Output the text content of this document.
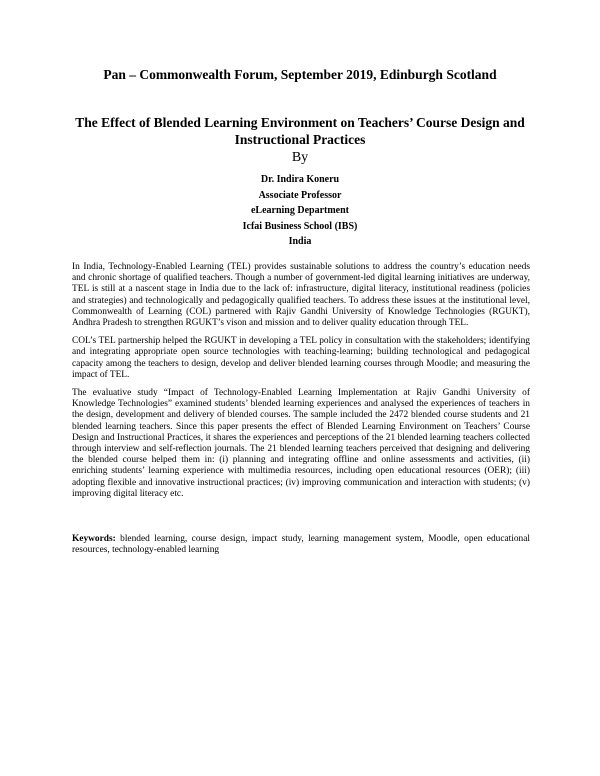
Pan – Commonwealth Forum, September 2019, Edinburgh Scotland
The Effect of Blended Learning Environment on Teachers’ Course Design and Instructional Practices
By
Dr. Indira Koneru
Associate Professor
eLearning Department
Icfai Business School (IBS)
India

In India, Technology-Enabled Learning (TEL) provides sustainable solutions to address the country’s education needs and chronic shortage of qualified teachers. Though a number of government-led digital learning initiatives are underway, TEL is still at a nascent stage in India due to the lack of: infrastructure, digital literacy, institutional readiness (policies and strategies) and technologically and pedagogically qualified teachers. To address these issues at the institutional level, Commonwealth of Learning (COL) partnered with Rajiv Gandhi University of Knowledge Technologies (RGUKT), Andhra Pradesh to strengthen RGUKT’s vison and mission and to deliver quality education through TEL.

COL’s TEL partnership helped the RGUKT in developing a TEL policy in consultation with the stakeholders; identifying and integrating appropriate open source technologies with teaching-learning; building technological and pedagogical capacity among the teachers to design, develop and deliver blended learning courses through Moodle; and measuring the impact of TEL.

The evaluative study “Impact of Technology-Enabled Learning Implementation at Rajiv Gandhi University of Knowledge Technologies” examined students’ blended learning experiences and analysed the experiences of teachers in the design, development and delivery of blended courses. The sample included the 2472 blended course students and 21 blended learning teachers. Since this paper presents the effect of Blended Learning Environment on Teachers’ Course Design and Instructional Practices, it shares the experiences and perceptions of the 21 blended learning teachers collected through interview and self-reflection journals. The 21 blended learning teachers perceived that designing and delivering the blended course helped them in: (i) planning and integrating offline and online assessments and activities, (ii) enriching students’ learning experience with multimedia resources, including open educational resources (OER); (iii) adopting flexible and innovative instructional practices; (iv) improving communication and interaction with students; (v) improving digital literacy etc.

Keywords: blended learning, course design, impact study, learning management system, Moodle, open educational resources, technology-enabled learning
